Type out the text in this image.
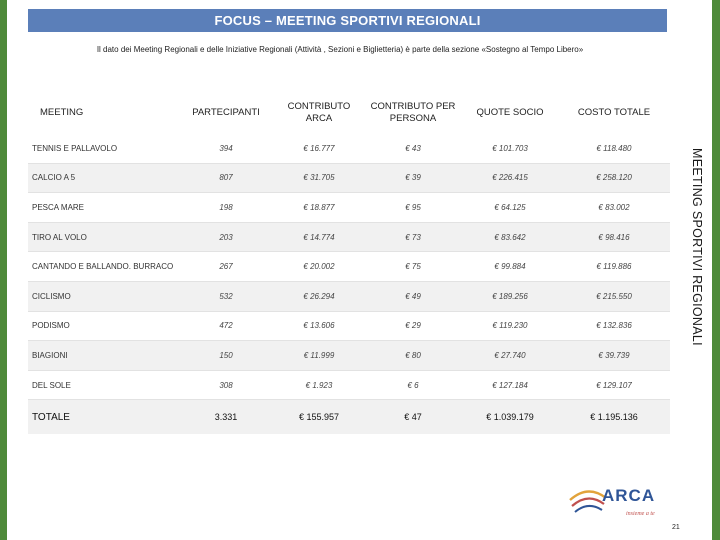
FOCUS – MEETING SPORTIVI REGIONALI
Il dato dei Meeting Regionali e delle Iniziative Regionali (Attività , Sezioni e Biglietteria) è parte della sezione «Sostegno al Tempo Libero»
MEETING SPORTIVI REGIONALI
MEETING	PARTECIPANTI	CONTRIBUTO ARCA	CONTRIBUTO PER PERSONA	QUOTE SOCIO	COSTO TOTALE
TENNIS E PALLAVOLO	394	€ 16.777	€ 43	€ 101.703	€ 118.480
CALCIO A 5	807	€ 31.705	€ 39	€ 226.415	€ 258.120
PESCA MARE	198	€ 18.877	€ 95	€ 64.125	€ 83.002
TIRO AL VOLO	203	€ 14.774	€ 73	€ 83.642	€ 98.416
CANTANDO E BALLANDO. BURRACO	267	€ 20.002	€ 75	€ 99.884	€ 119.886
CICLISMO	532	€ 26.294	€ 49	€ 189.256	€ 215.550
PODISMO	472	€ 13.606	€ 29	€ 119.230	€ 132.836
BIAGIONI	150	€ 11.999	€ 80	€ 27.740	€ 39.739
DEL SOLE	308	€ 1.923	€ 6	€ 127.184	€ 129.107
TOTALE	3.331	€ 155.957	€ 47	€ 1.039.179	€ 1.195.136
ARCA
insieme a te
21
